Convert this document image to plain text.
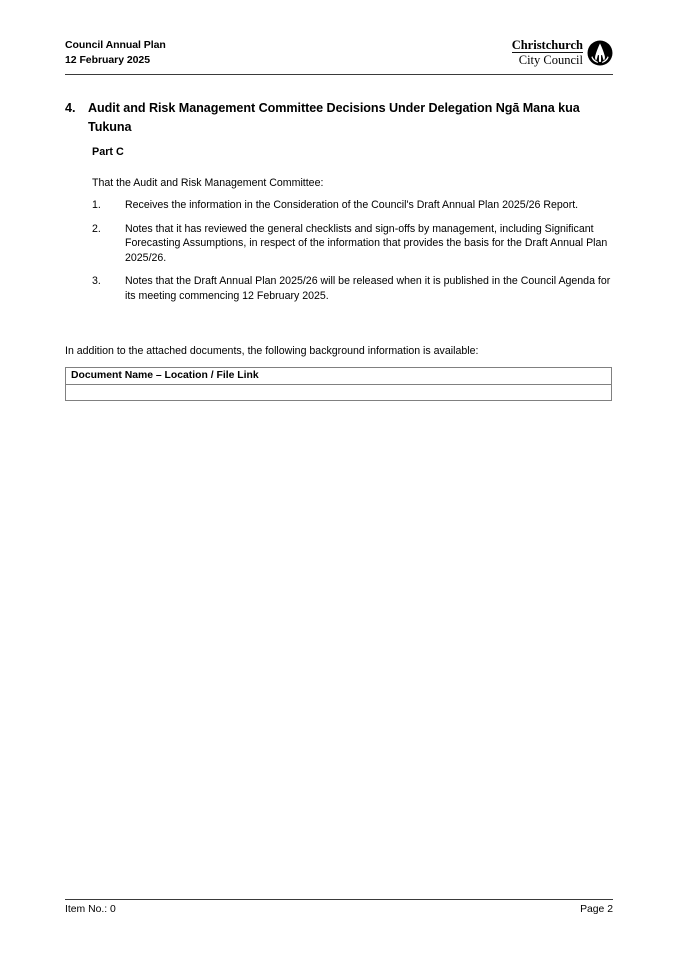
Council Annual Plan
12 February 2025
Christchurch
City Council
4. Audit and Risk Management Committee Decisions Under Delegation Ngā Mana kua Tukuna
Part C
That the Audit and Risk Management Committee:
1.	Receives the information in the Consideration of the Council's Draft Annual Plan 2025/26 Report.
2.	Notes that it has reviewed the general checklists and sign-offs by management, including Significant Forecasting Assumptions, in respect of the information that provides the basis for the Draft Annual Plan 2025/26.
3.	Notes that the Draft Annual Plan 2025/26 will be released when it is published in the Council Agenda for its meeting commencing 12 February 2025.
In addition to the attached documents, the following background information is available:
Document Name – Location / File Link

Item No.: 0	Page 2
